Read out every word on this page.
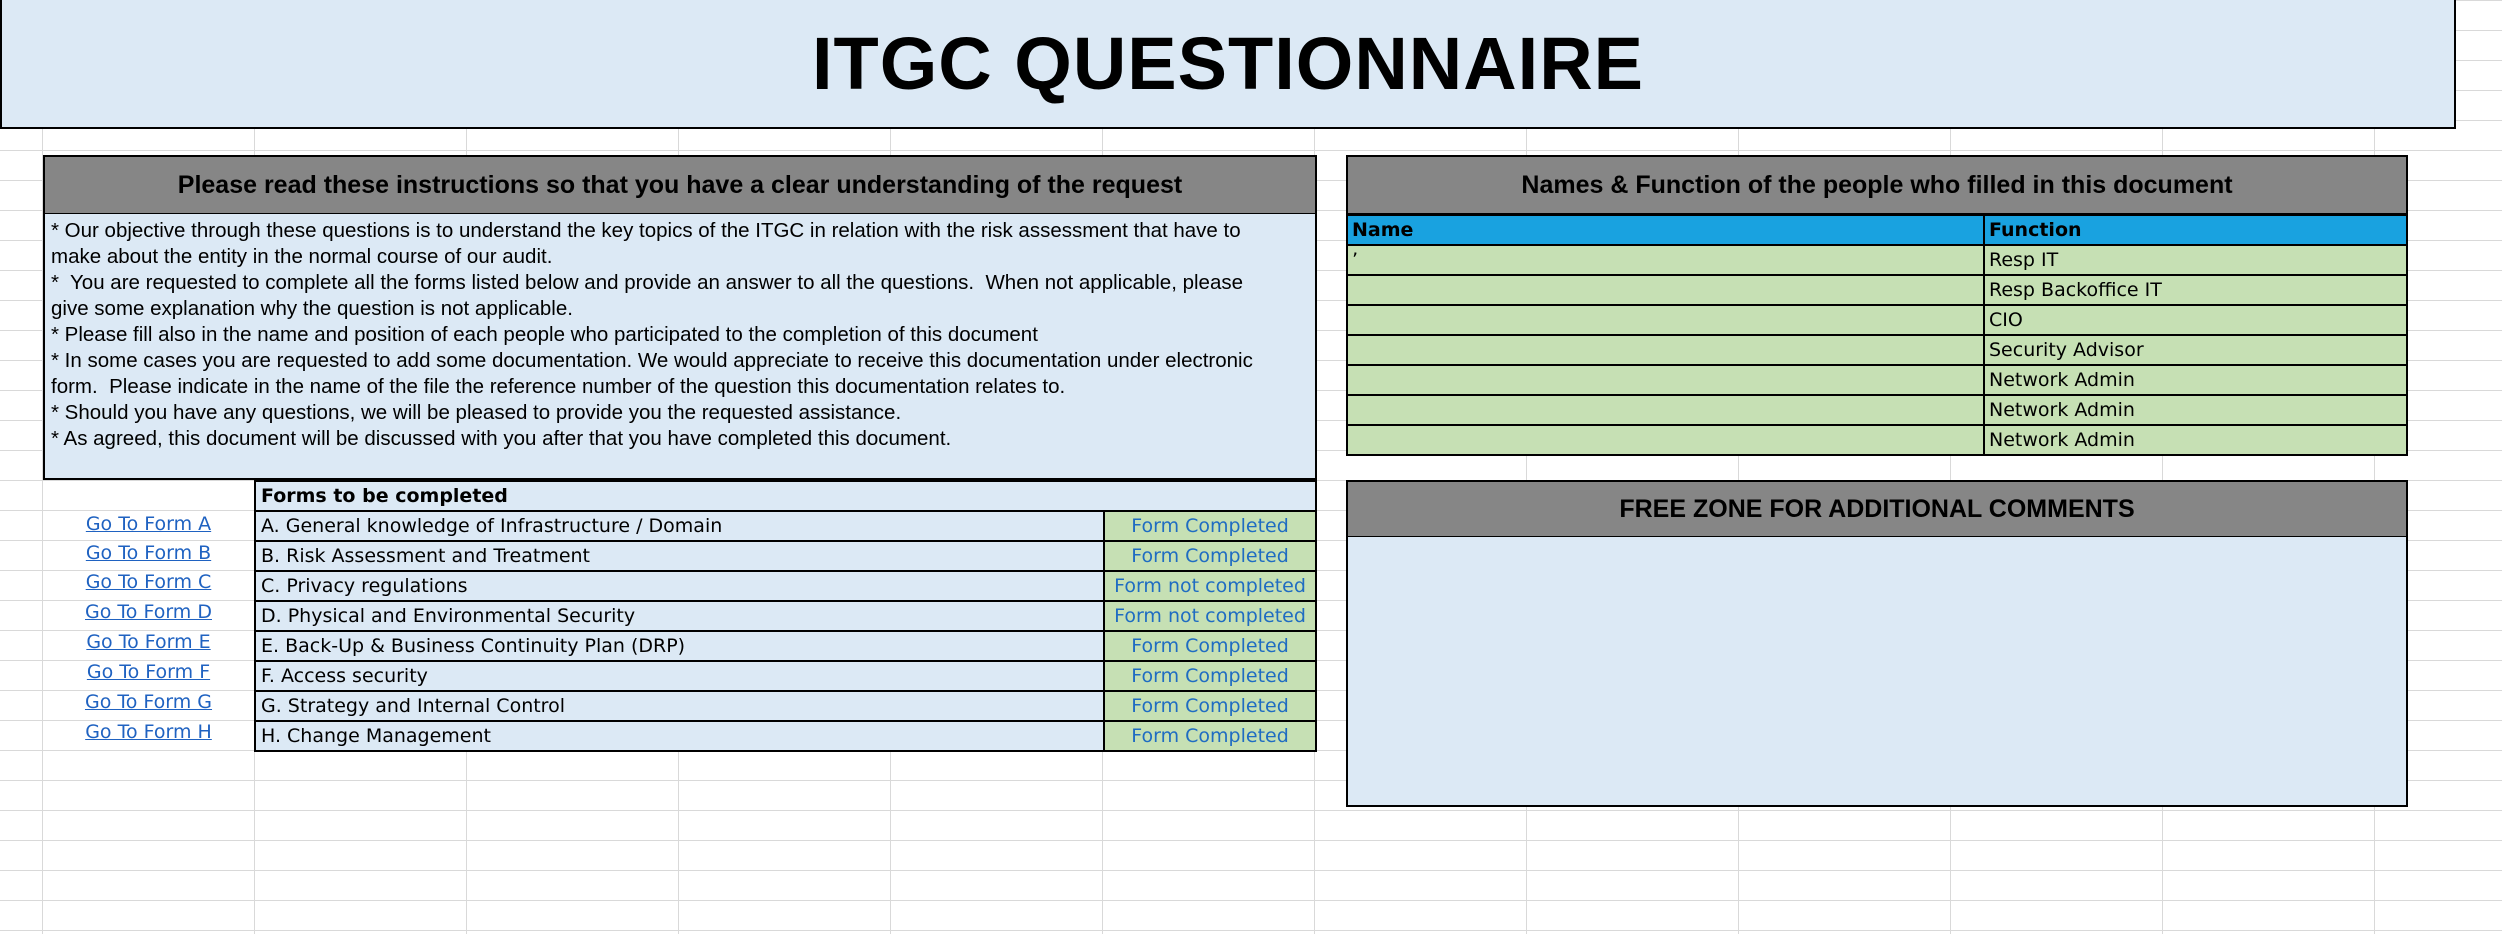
ITGC QUESTIONNAIRE
Please read these instructions so that you have a clear understanding of the request
* Our objective through these questions is to understand the key topics of the ITGC in relation with the risk assessment that have to
make about the entity in the normal course of our audit.
*  You are requested to complete all the forms listed below and provide an answer to all the questions.  When not applicable, please
give some explanation why the question is not applicable.
* Please fill also in the name and position of each people who participated to the completion of this document
* In some cases you are requested to add some documentation. We would appreciate to receive this documentation under electronic
form.  Please indicate in the name of the file the reference number of the question this documentation relates to.
* Should you have any questions, we will be pleased to provide you the requested assistance.
* As agreed, this document will be discussed with you after that you have completed this document.
Forms to be completed	
A. General knowledge of Infrastructure / Domain	Form Completed
B. Risk Assessment and Treatment	Form Completed
C. Privacy regulations	Form not completed
D. Physical and Environmental Security	Form not completed
E. Back-Up & Business Continuity Plan (DRP)	Form Completed
F. Access security	Form Completed
G. Strategy and Internal Control	Form Completed
H. Change Management	Form Completed
Go To Form A
Go To Form B
Go To Form C
Go To Form D
Go To Form E
Go To Form F
Go To Form G
Go To Form H
Names & Function of the people who filled in this document
Name	Function
’	Resp IT
	Resp Backoffice IT
	CIO
	Security Advisor
	Network Admin
	Network Admin
	Network Admin
FREE ZONE FOR ADDITIONAL COMMENTS
